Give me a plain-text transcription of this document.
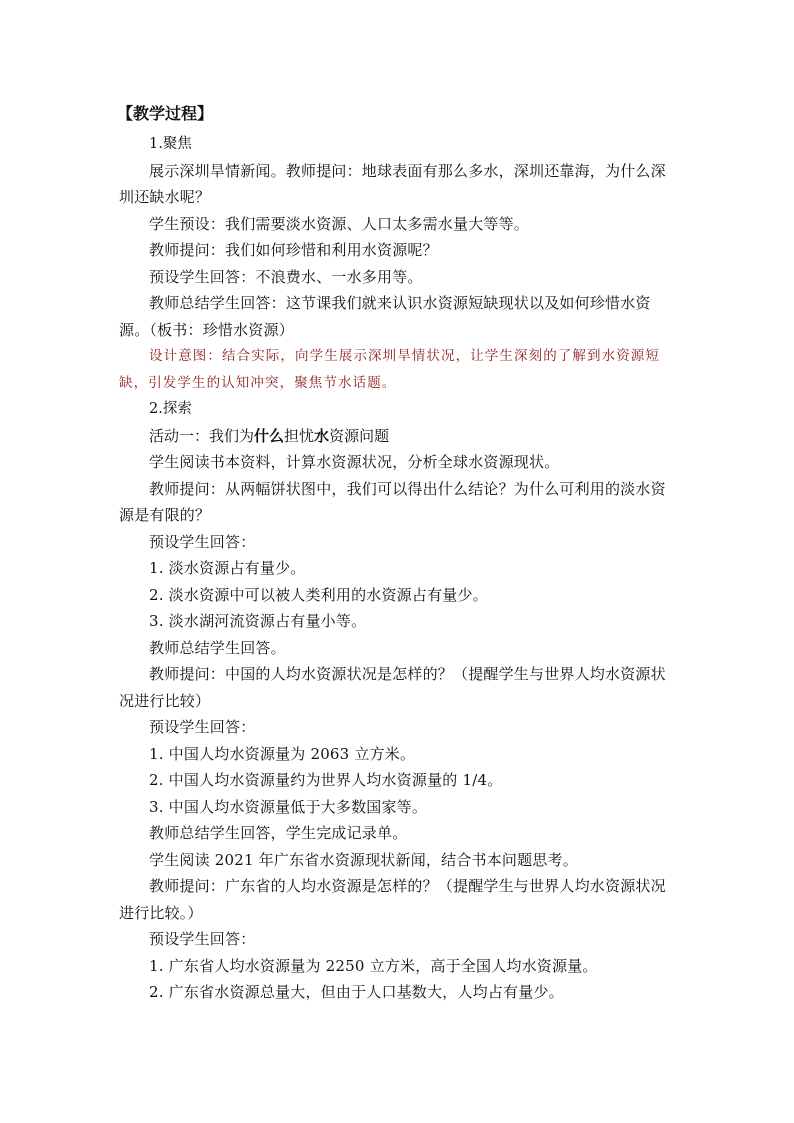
【教学过程】

1.聚焦

展示深圳旱情新闻。教师提问：地球表面有那么多水，深圳还靠海，为什么深圳还缺水呢？

学生预设：我们需要淡水资源、人口太多需水量大等等。

教师提问：我们如何珍惜和利用水资源呢？

预设学生回答：不浪费水、一水多用等。

教师总结学生回答：这节课我们就来认识水资源短缺现状以及如何珍惜水资源。（板书：珍惜水资源）

设计意图：结合实际，向学生展示深圳旱情状况，让学生深刻的了解到水资源短缺，引发学生的认知冲突，聚焦节水话题。

2.探索

活动一：我们为什么担忧水资源问题

学生阅读书本资料，计算水资源状况，分析全球水资源现状。

教师提问：从两幅饼状图中，我们可以得出什么结论？为什么可利用的淡水资源是有限的？

预设学生回答：

1. 淡水资源占有量少。

2. 淡水资源中可以被人类利用的水资源占有量少。

3. 淡水湖河流资源占有量小等。

教师总结学生回答。

教师提问：中国的人均水资源状况是怎样的？（提醒学生与世界人均水资源状况进行比较）

预设学生回答：

1. 中国人均水资源量为 2063 立方米。

2. 中国人均水资源量约为世界人均水资源量的 1/4。

3. 中国人均水资源量低于大多数国家等。

教师总结学生回答，学生完成记录单。

学生阅读 2021 年广东省水资源现状新闻，结合书本问题思考。

教师提问：广东省的人均水资源是怎样的？（提醒学生与世界人均水资源状况进行比较。）

预设学生回答：

1. 广东省人均水资源量为 2250 立方米，高于全国人均水资源量。

2. 广东省水资源总量大，但由于人口基数大，人均占有量少。
